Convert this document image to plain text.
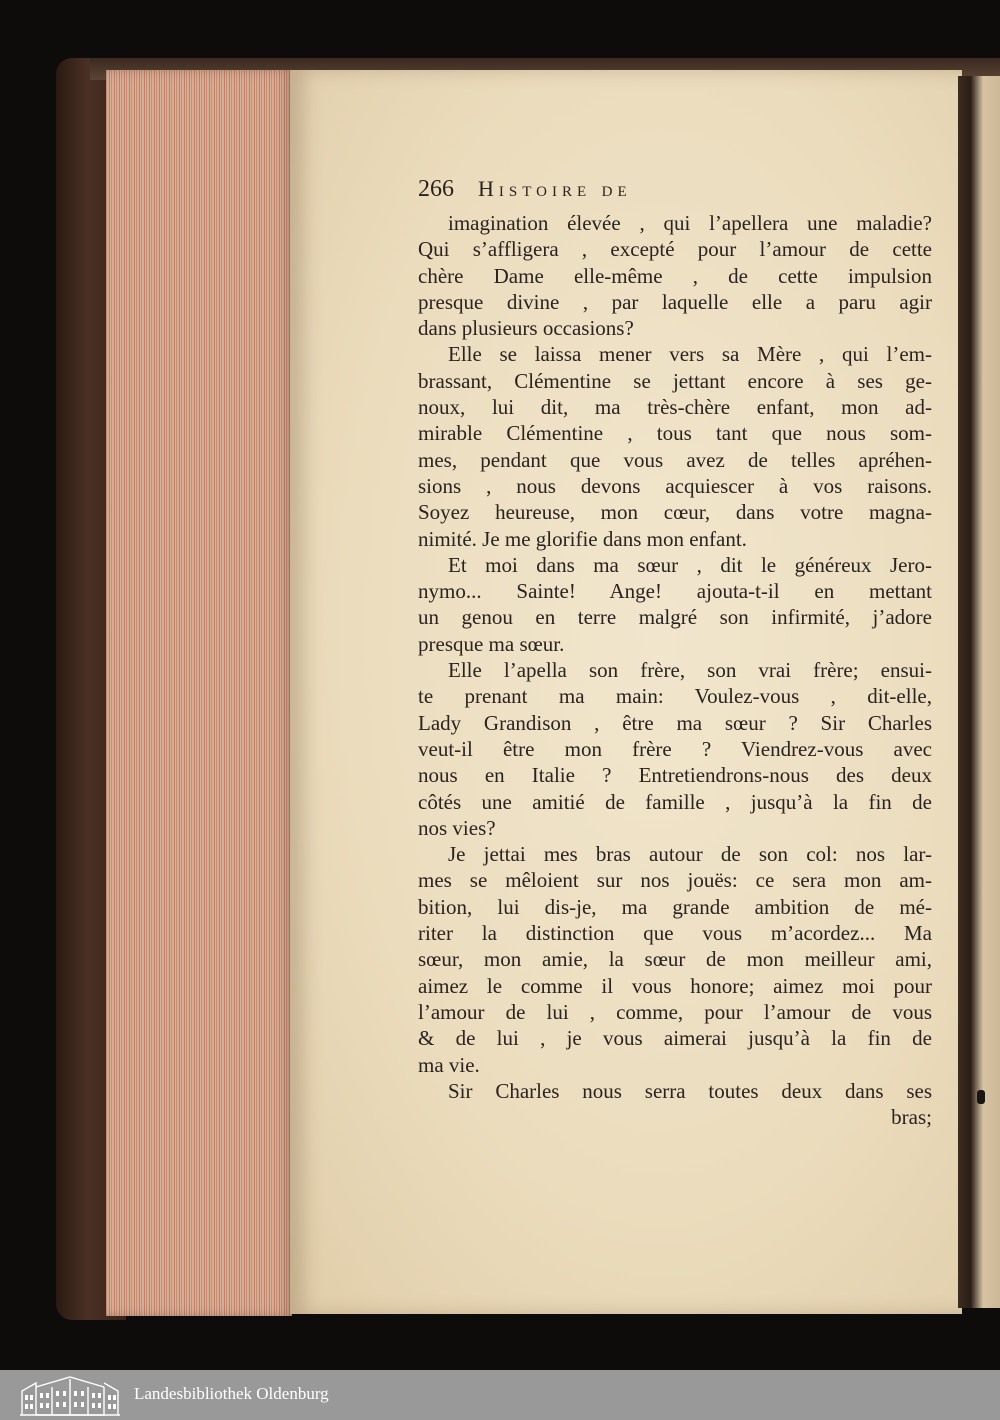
266	Histoire de
imagination élevée , qui l’apellera une maladie?
Qui s’affligera , excepté pour l’amour de cette
chère Dame elle-même , de cette impulsion
presque divine , par laquelle elle a paru agir
dans plusieurs occasions?
Elle se laissa mener vers sa Mère , qui l’em-
brassant, Clémentine se jettant encore à ses ge-
noux, lui dit, ma très-chère enfant, mon ad-
mirable Clémentine , tous tant que nous som-
mes, pendant que vous avez de telles apréhen-
sions , nous devons acquiescer à vos raisons.
Soyez heureuse, mon cœur, dans votre magna-
nimité. Je me glorifie dans mon enfant.
Et moi dans ma sœur , dit le généreux Jero-
nymo... Sainte! Ange! ajouta-t-il en mettant
un genou en terre malgré son infirmité, j’adore
presque ma sœur.
Elle l’apella son frère, son vrai frère; ensui-
te prenant ma main: Voulez-vous , dit-elle,
Lady Grandison , être ma sœur ? Sir Charles
veut-il être mon frère ? Viendrez-vous avec
nous en Italie ? Entretiendrons-nous des deux
côtés une amitié de famille , jusqu’à la fin de
nos vies?
Je jettai mes bras autour de son col: nos lar-
mes se mêloient sur nos jouës: ce sera mon am-
bition, lui dis-je, ma grande ambition de mé-
riter la distinction que vous m’acordez... Ma
sœur, mon amie, la sœur de mon meilleur ami,
aimez le comme il vous honore; aimez moi pour
l’amour de lui , comme, pour l’amour de vous
& de lui , je vous aimerai jusqu’à la fin de
ma vie.
Sir Charles nous serra toutes deux dans ses
bras;
Landesbibliothek Oldenburg
